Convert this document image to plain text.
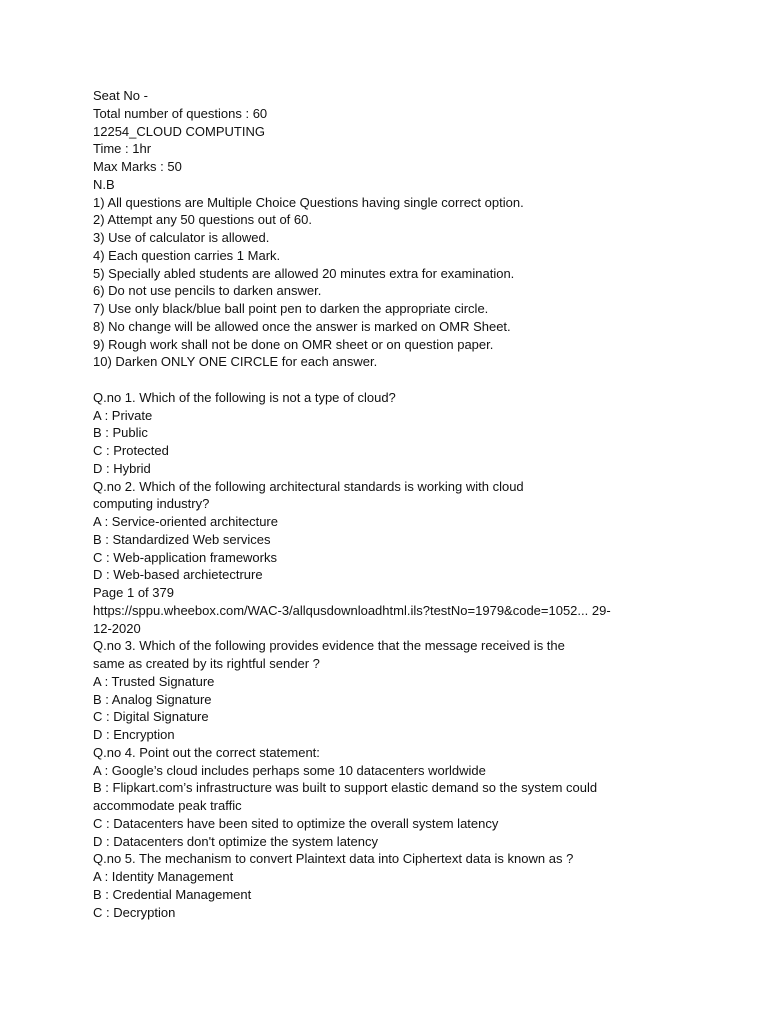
Seat No -
Total number of questions : 60
12254_CLOUD COMPUTING
Time : 1hr
Max Marks : 50
N.B
1) All questions are Multiple Choice Questions having single correct option.
2) Attempt any 50 questions out of 60.
3) Use of calculator is allowed.
4) Each question carries 1 Mark.
5) Specially abled students are allowed 20 minutes extra for examination.
6) Do not use pencils to darken answer.
7) Use only black/blue ball point pen to darken the appropriate circle.
8) No change will be allowed once the answer is marked on OMR Sheet.
9) Rough work shall not be done on OMR sheet or on question paper.
10) Darken ONLY ONE CIRCLE for each answer.
Q.no 1. Which of the following is not a type of cloud?
A : Private
B : Public
C : Protected
D : Hybrid
Q.no 2. Which of the following architectural standards is working with cloud
computing industry?
A : Service-oriented architecture
B : Standardized Web services
C : Web-application frameworks
D : Web-based archietectrure
Page 1 of 379
https://sppu.wheebox.com/WAC-3/allqusdownloadhtml.ils?testNo=1979&code=1052... 29-
12-2020
Q.no 3. Which of the following provides evidence that the message received is the
same as created by its rightful sender ?
A : Trusted Signature
B : Analog Signature
C : Digital Signature
D : Encryption
Q.no 4. Point out the correct statement:
A : Google’s cloud includes perhaps some 10 datacenters worldwide
B : Flipkart.com’s infrastructure was built to support elastic demand so the system could
accommodate peak traffic
C : Datacenters have been sited to optimize the overall system latency
D : Datacenters don't optimize the system latency
Q.no 5. The mechanism to convert Plaintext data into Ciphertext data is known as ?
A : Identity Management
B : Credential Management
C : Decryption
